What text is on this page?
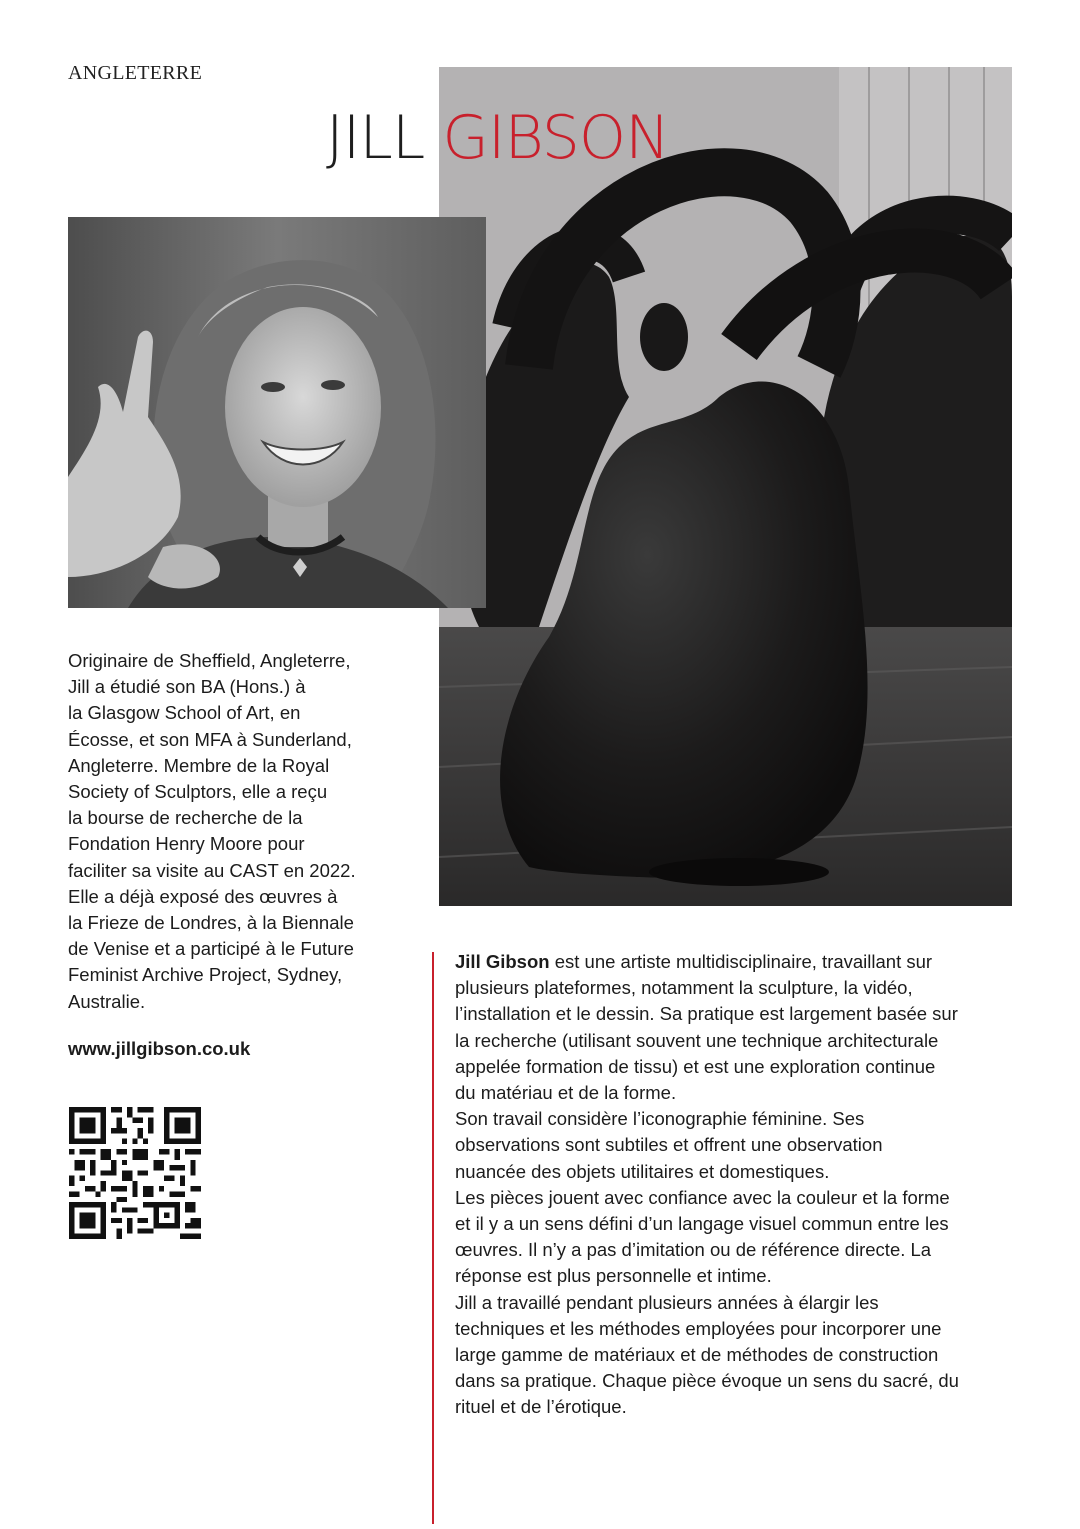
ANGLETERRE
JILL GIBSON
Originaire de Sheffield, Angleterre,
Jill a étudié son BA (Hons.) à
la Glasgow School of Art, en
Écosse, et son MFA à Sunderland,
Angleterre. Membre de la Royal
Society of Sculptors, elle a reçu
la bourse de recherche de la
Fondation Henry Moore pour
faciliter sa visite au CAST en 2022.
Elle a déjà exposé des œuvres à
la Frieze de Londres, à la Biennale
de Venise et a participé à le Future
Feminist Archive Project, Sydney,
Australie.
www.jillgibson.co.uk

Jill Gibson est une artiste multidisciplinaire, travaillant sur
plusieurs plateformes, notamment la sculpture, la vidéo,
l’installation et le dessin. Sa pratique est largement basée sur
la recherche (utilisant souvent une technique architecturale
appelée formation de tissu) et est une exploration continue
du matériau et de la forme.

Son travail considère l’iconographie féminine. Ses
observations sont subtiles et offrent une observation
nuancée des objets utilitaires et domestiques.

Les pièces jouent avec confiance avec la couleur et la forme
et il y a un sens défini d’un langage visuel commun entre les
œuvres. Il n’y a pas d’imitation ou de référence directe. La
réponse est plus personnelle et intime.

Jill a travaillé pendant plusieurs années à élargir les
techniques et les méthodes employées pour incorporer une
large gamme de matériaux et de méthodes de construction
dans sa pratique. Chaque pièce évoque un sens du sacré, du
rituel et de l’érotique.
